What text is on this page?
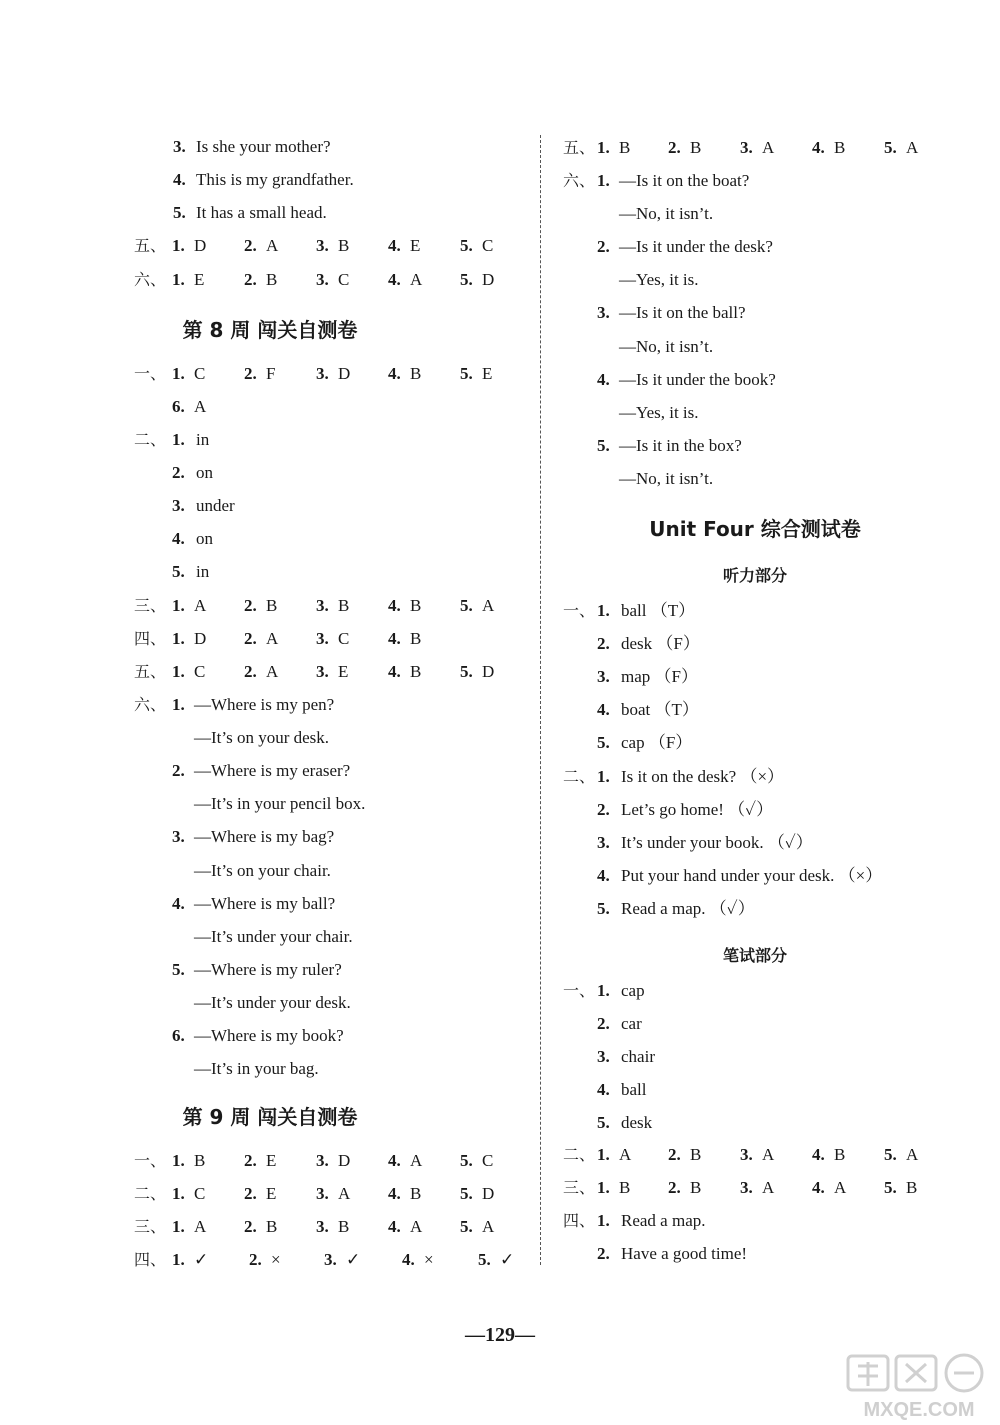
3. Is she your mother?
4. This is my grandfather.
5. It has a small head.
五、 1. D 2. A 3. B 4. E 5. C
六、 1. E 2. B 3. C 4. A 5. D
第 8 周 闯关自测卷
一、 1. C 2. F 3. D 4. B 5. E
6. A
二、 1. in
2. on
3. under
4. on
5. in
三、 1. A 2. B 3. B 4. B 5. A
四、 1. D 2. A 3. C 4. B
五、 1. C 2. A 3. E 4. B 5. D
六、 1. —Where is my pen?
—It’s on your desk.
2. —Where is my eraser?
—It’s in your pencil box.
3. —Where is my bag?
—It’s on your chair.
4. —Where is my ball?
—It’s under your chair.
5. —Where is my ruler?
—It’s under your desk.
6. —Where is my book?
—It’s in your bag.
第 9 周 闯关自测卷
一、 1. B 2. E 3. D 4. A 5. C
二、 1. C 2. E 3. A 4. B 5. D
三、 1. A 2. B 3. B 4. A 5. A
四、 1. ✓ 2. ×	3. ✓ 4. ×	5. ✓
五、 1. B 2. B 3. A 4. B 5. A
六、 1. —Is it on the boat?
—No, it isn’t.
2. —Is it under the desk?
—Yes, it is.
3. —Is it on the ball?
—No, it isn’t.
4. —Is it under the book?
—Yes, it is.
5. —Is it in the box?
—No, it isn’t.
Unit Four 综合测试卷
听力部分
一、 1. ball （T）
2. desk （F）
3. map （F）
4. boat （T）
5. cap （F）
二、 1. Is it on the desk? （×）
2. Let’s go home! （✓）
3. It’s under your book. （✓）
4. Put your hand under your desk. （×）
5. Read a map. （✓）
笔试部分
一、 1. cap
2. car
3. chair
4. ball
5. desk
二、 1. A 2. B 3. A 4. B 5. A
三、 1. B 2. B 3. A 4. A 5. B
四、 1. Read a map.
2. Have a good time!
—129—
MXQE.COM
